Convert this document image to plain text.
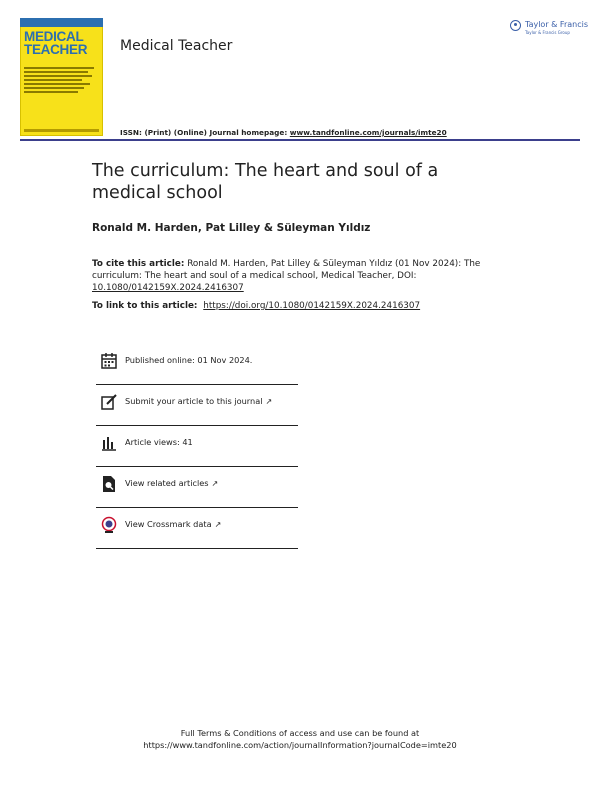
MEDICAL
TEACHER	Medical Teacher
Taylor & Francis
Taylor & Francis Group
ISSN: (Print) (Online) Journal homepage: www.tandfonline.com/journals/imte20
The curriculum: The heart and soul of a medical school
Ronald M. Harden, Pat Lilley & Süleyman Yıldız
To cite this article: Ronald M. Harden, Pat Lilley & Süleyman Yıldız (01 Nov 2024): The curriculum: The heart and soul of a medical school, Medical Teacher, DOI: 10.1080/0142159X.2024.2416307
To link to this article: https://doi.org/10.1080/0142159X.2024.2416307
Published online: 01 Nov 2024.
Submit your article to this journal ↗
Article views: 41
View related articles ↗
View Crossmark data ↗
Full Terms & Conditions of access and use can be found at
https://www.tandfonline.com/action/journalInformation?journalCode=imte20
